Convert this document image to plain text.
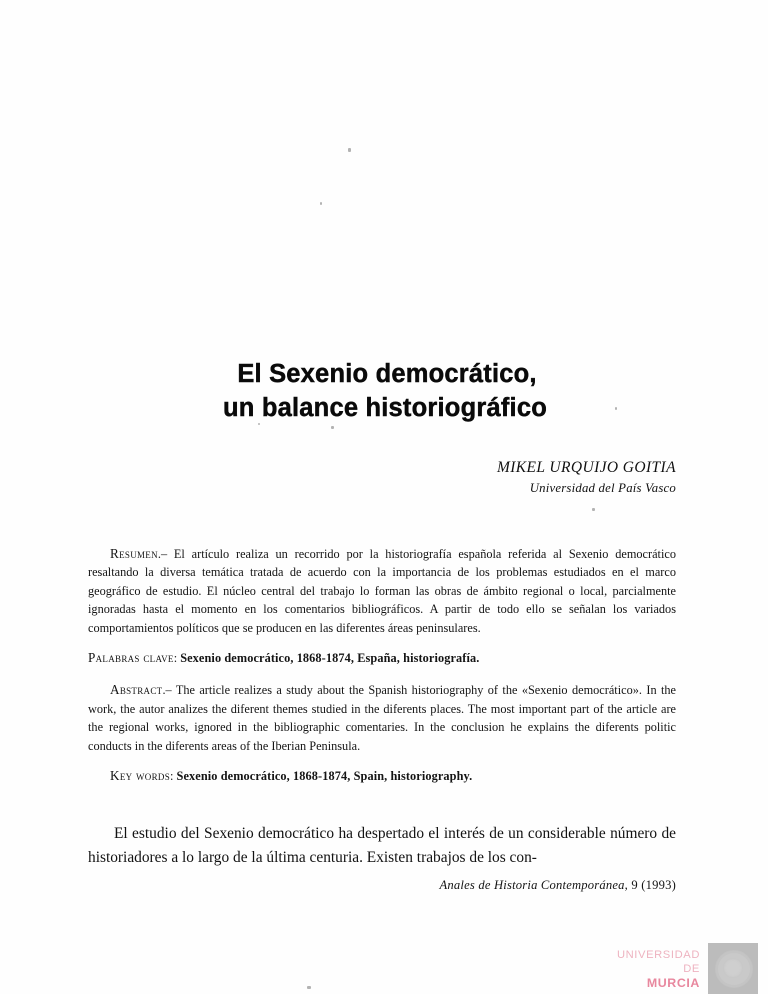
El Sexenio democrático,
un balance historiográfico
MIKEL URQUIJO GOITIA
Universidad del País Vasco

Resumen.– El artículo realiza un recorrido por la historiografía española referida al Sexenio democrático resaltando la diversa temática tratada de acuerdo con la importancia de los problemas estudiados en el marco geográfico de estudio. El núcleo central del trabajo lo forman las obras de ámbito regional o local, parcialmente ignoradas hasta el momento en los comentarios bibliográficos. A partir de todo ello se señalan los variados comportamientos políticos que se producen en las diferentes áreas peninsulares.

Palabras clave: Sexenio democrático, 1868-1874, España, historiografía.

Abstract.– The article realizes a study about the Spanish historiography of the «Sexenio democrático». In the work, the autor analizes the diferent themes studied in the diferents places. The most important part of the article are the regional works, ignored in the bibliographic comentaries. In the conclusion he explains the diferents politic conducts in the diferents areas of the Iberian Peninsula.

Key words: Sexenio democrático, 1868-1874, Spain, historiography.

El estudio del Sexenio democrático ha despertado el interés de un considerable número de historiadores a lo largo de la última centuria. Existen trabajos de los con-

Anales de Historia Contemporánea, 9 (1993)
UNIVERSIDAD DE
MURCIA
